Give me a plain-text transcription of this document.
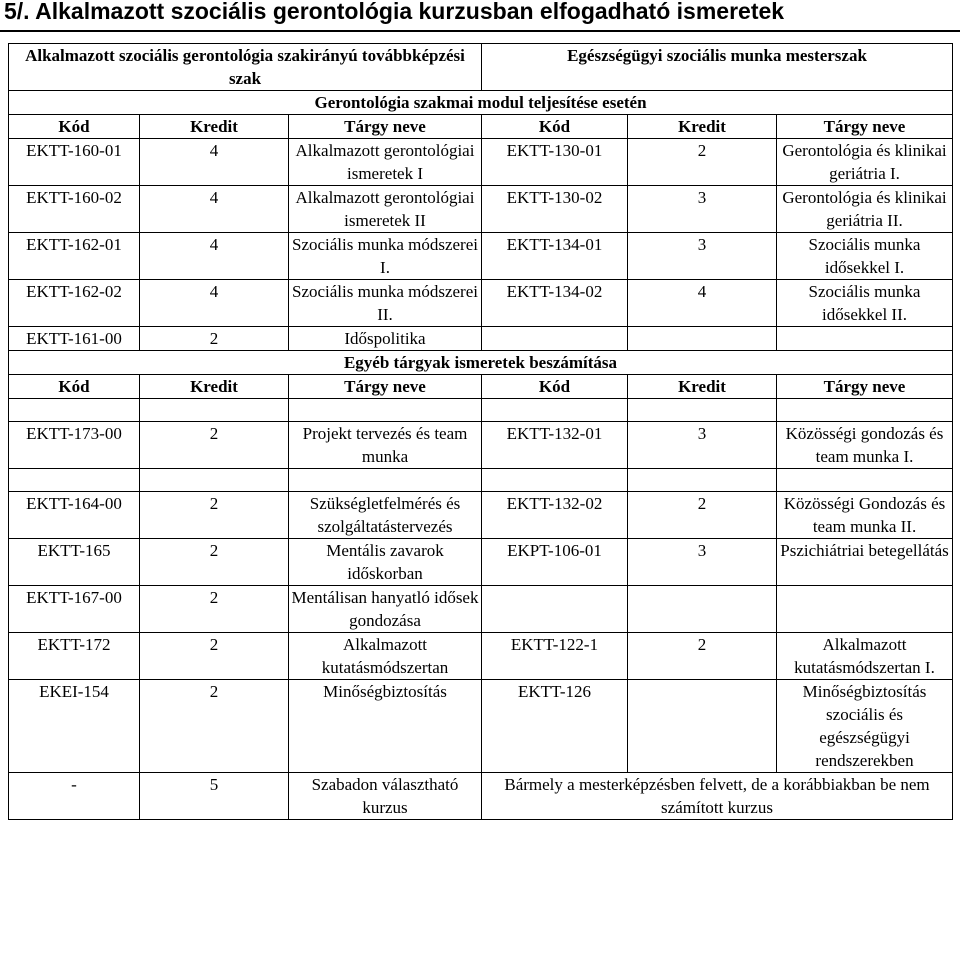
5/. Alkalmazott szociális gerontológia kurzusban elfogadható ismeretek
Alkalmazott szociális gerontológia szakirányú továbbképzési szak			Egészségügyi szociális munka mesterszak		
Gerontológia szakmai modul teljesítése esetén					
Kód	Kredit	Tárgy neve	Kód	Kredit	Tárgy neve
EKTT-160-01	4	Alkalmazott gerontológiai ismeretek I	EKTT-130-01	2	Gerontológia és klinikai geriátria I.
EKTT-160-02	4	Alkalmazott gerontológiai ismeretek II	EKTT-130-02	3	Gerontológia és klinikai geriátria II.
EKTT-162-01	4	Szociális munka módszerei I.	EKTT-134-01	3	Szociális munka idősekkel I.
EKTT-162-02	4	Szociális munka módszerei II.	EKTT-134-02	4	Szociális munka idősekkel II.
EKTT-161-00	2	Időspolitika			
Egyéb tárgyak ismeretek beszámítása					
Kód	Kredit	Tárgy neve	Kód	Kredit	Tárgy neve

EKTT-173-00	2	Projekt tervezés és team munka	EKTT-132-01	3	Közösségi gondozás és team munka I.

EKTT-164-00	2	Szükségletfelmérés és szolgáltatástervezés	EKTT-132-02	2	Közösségi Gondozás és team munka II.
EKTT-165	2	Mentális zavarok időskorban	EKPT-106-01	3	Pszichiátriai betegellátás
EKTT-167-00	2	Mentálisan hanyatló idősek gondozása			
EKTT-172	2	Alkalmazott kutatásmódszertan	EKTT-122-1	2	Alkalmazott kutatásmódszertan I.
EKEI-154	2	Minőségbiztosítás	EKTT-126		Minőségbiztosítás szociális és egészségügyi rendszerekben
-	5	Szabadon választható kurzus	Bármely a mesterképzésben felvett, de a korábbiakban be nem számított kurzus		
